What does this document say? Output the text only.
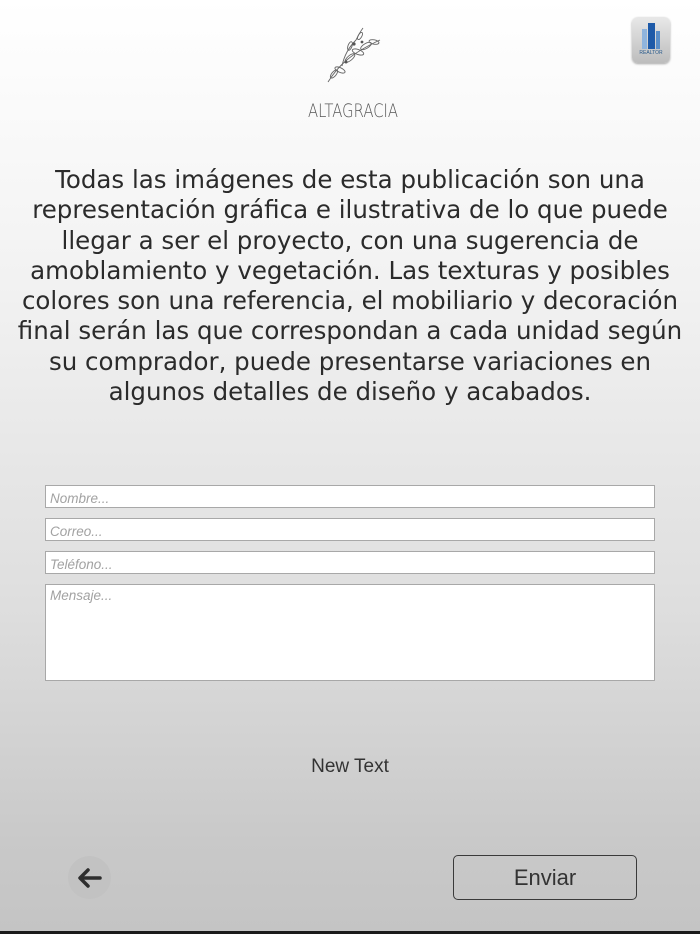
ALTAGRACIA
REALTOR
Todas las imágenes de esta publicación son una representación gráfica e ilustrativa de lo que puede llegar a ser el proyecto, con una sugerencia de amoblamiento y vegetación. Las texturas y posibles colores son una referencia, el mobiliario y decoración final serán las que correspondan a cada unidad según su comprador, puede presentarse variaciones en algunos detalles de diseño y acabados.
Nombre...
Correo...
Teléfono...
Mensaje...
New Text
Enviar
